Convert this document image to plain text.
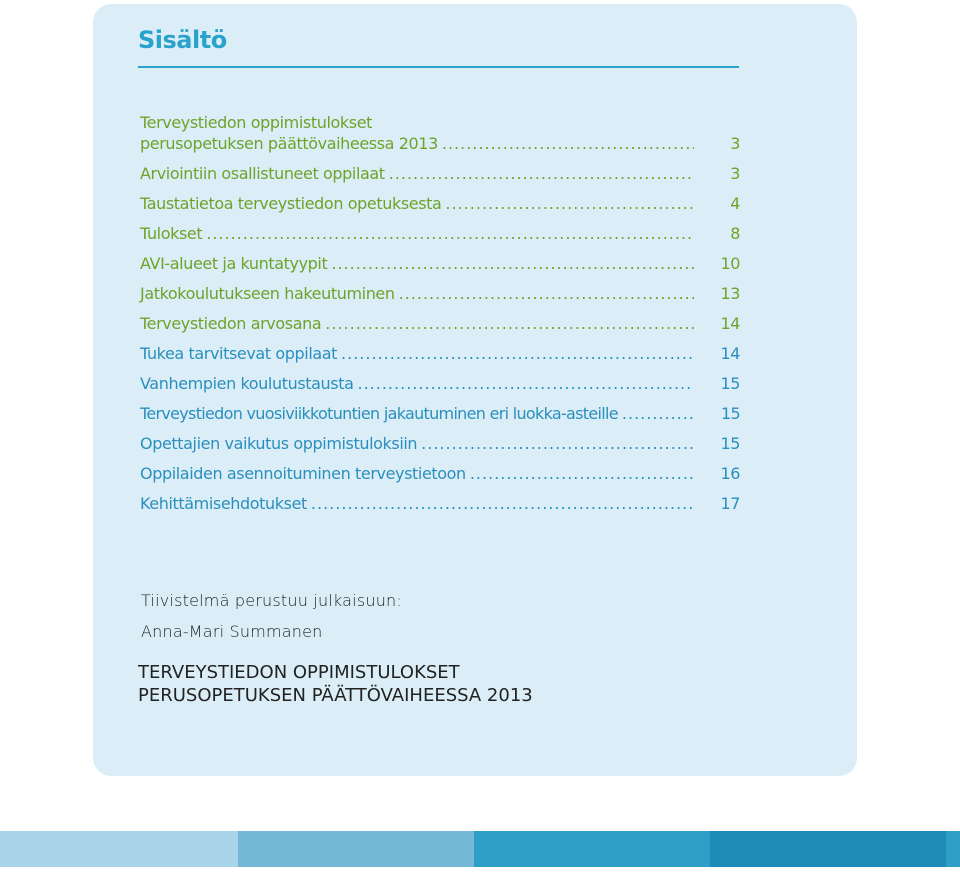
Sisältö
Terveystiedon oppimistulokset
perusopetuksen päättövaiheessa 2013 .....	3
Arviointiin osallistuneet oppilaat .....	3
Taustatietoa terveystiedon opetuksesta .....	4
Tulokset .....	8
AVI-alueet ja kuntatyypit .....	10
Jatkokoulutukseen hakeutuminen .....	13
Terveystiedon arvosana .....	14
Tukea tarvitsevat oppilaat .....	14
Vanhempien koulutustausta .....	15
Terveystiedon vuosiviikkotuntien jakautuminen eri luokka-asteille .....	15
Opettajien vaikutus oppimistuloksiin .....	15
Oppilaiden asennoituminen terveystietoon .....	16
Kehittämisehdotukset .....	17
Tiivistelmä perustuu julkaisuun:
Anna-Mari Summanen
TERVEYSTIEDON OPPIMISTULOKSET
PERUSOPETUKSEN PÄÄTTÖVAIHEESSA 2013
